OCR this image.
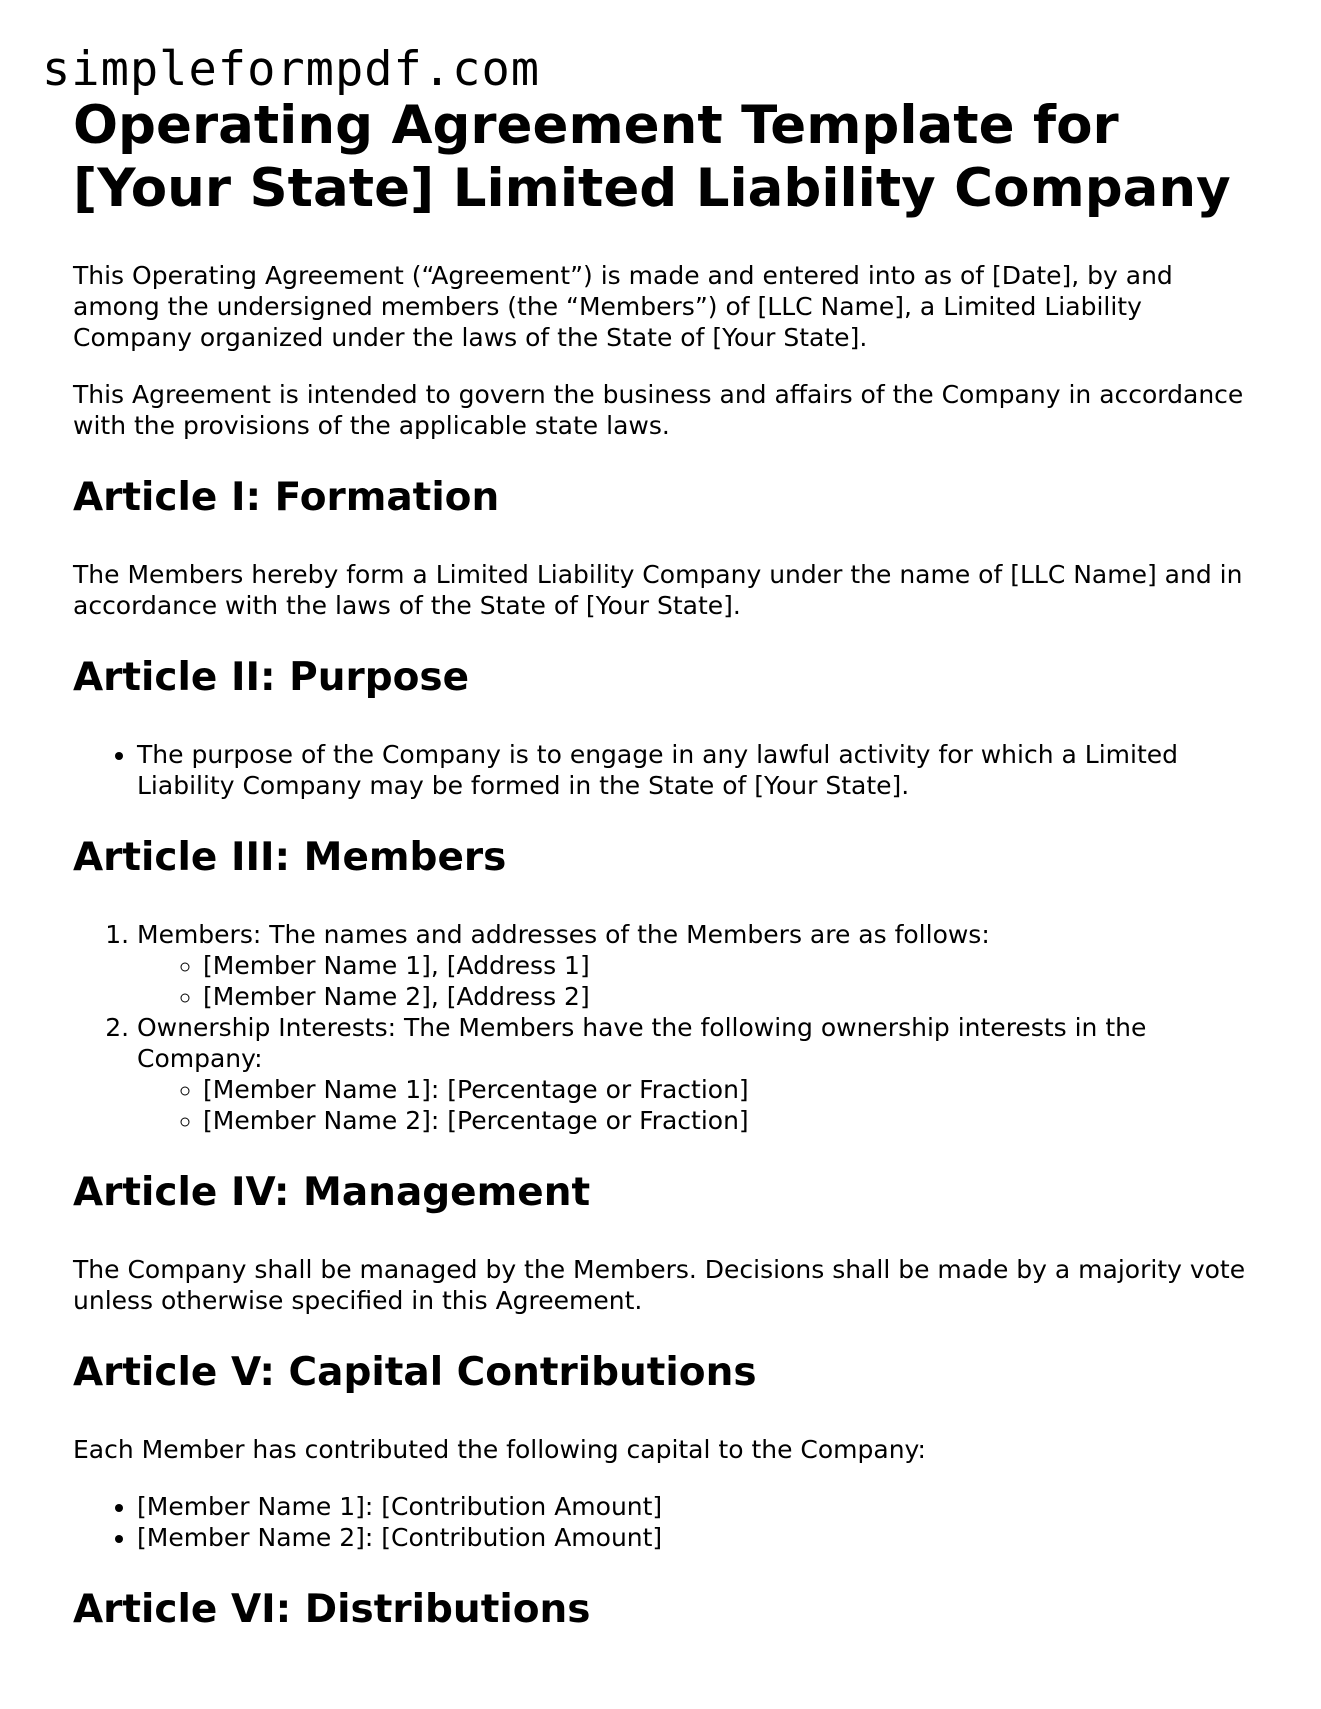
simpleformpdf.com
Operating Agreement Template for
[Your State] Limited Liability Company

This Operating Agreement (“Agreement”) is made and entered into as of [Date], by and among the undersigned members (the “Members”) of [LLC Name], a Limited Liability Company organized under the laws of the State of [Your State].

This Agreement is intended to govern the business and affairs of the Company in accordance with the provisions of the applicable state laws.

Article I: Formation

The Members hereby form a Limited Liability Company under the name of [LLC Name] and in accordance with the laws of the State of [Your State].

Article II: Purpose
• The purpose of the Company is to engage in any lawful activity for which a Limited Liability Company may be formed in the State of [Your State].
Article III: Members
1. Members: The names and addresses of the Members are as follows:
◦ [Member Name 1], [Address 1]
◦ [Member Name 2], [Address 2]
2. Ownership Interests: The Members have the following ownership interests in the Company:
◦ [Member Name 1]: [Percentage or Fraction]
◦ [Member Name 2]: [Percentage or Fraction]
Article IV: Management

The Company shall be managed by the Members. Decisions shall be made by a majority vote unless otherwise specified in this Agreement.

Article V: Capital Contributions

Each Member has contributed the following capital to the Company:

• [Member Name 1]: [Contribution Amount]
• [Member Name 2]: [Contribution Amount]
Article VI: Distributions
